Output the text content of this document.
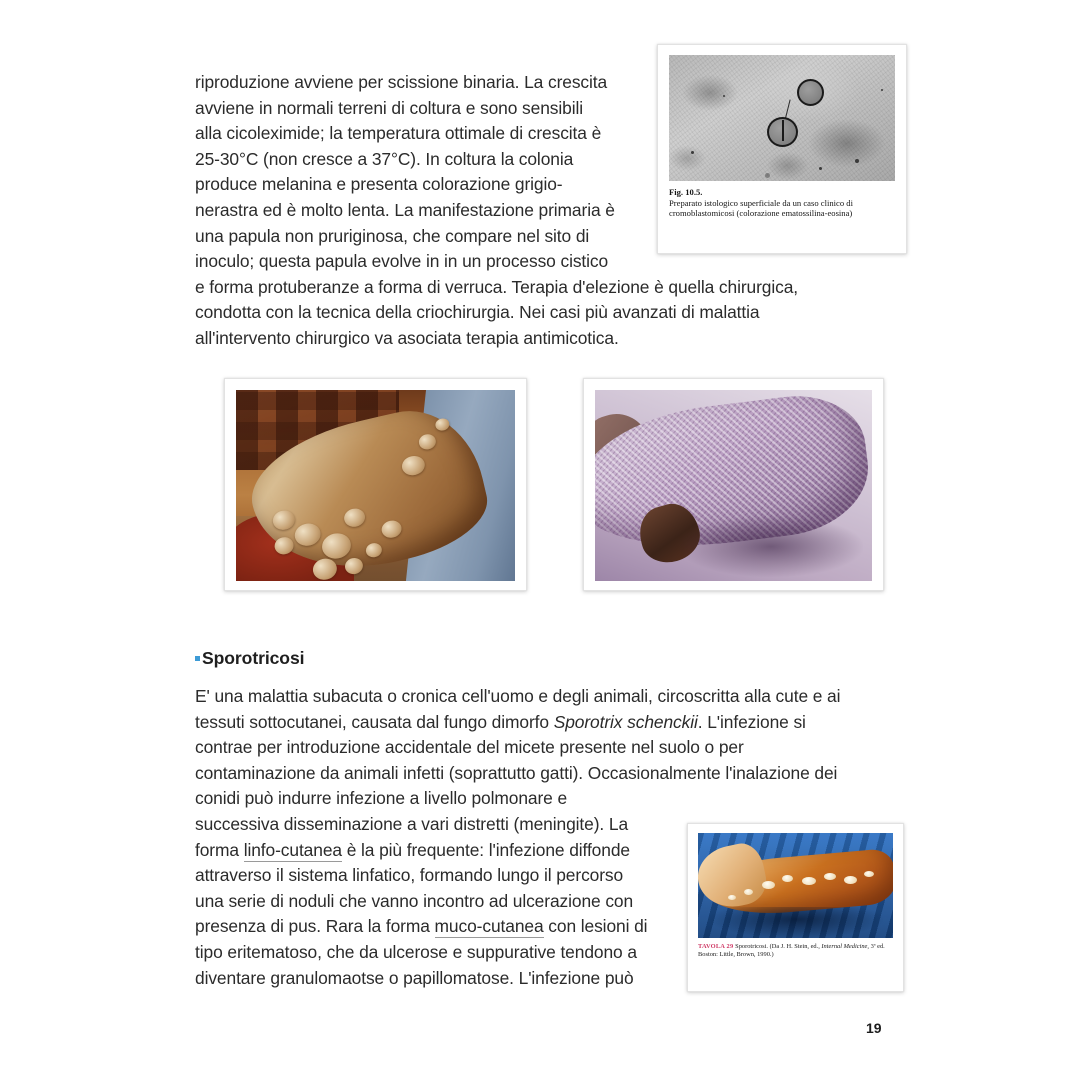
riproduzione avviene per scissione binaria. La crescita

avviene in normali terreni di coltura e sono sensibili

alla cicoleximide; la temperatura ottimale di crescita è

25-30°C (non cresce a 37°C). In coltura la colonia

produce melanina e presenta colorazione grigio-

nerastra ed è molto lenta. La manifestazione primaria è

una papula non pruriginosa, che compare nel sito di

inoculo; questa papula evolve in in un processo cistico

e forma protuberanze a forma di verruca. Terapia d'elezione è quella chirurgica,

condotta con la tecnica della criochirurgia. Nei casi più avanzati di malattia

all'intervento chirurgico va asociata terapia antimicotica.

Fig. 10.5.
Preparato istologico superficiale da un caso clinico di cromoblastomicosi (colorazione ematossilina-eosina)
Sporotricosi

E' una malattia subacuta o cronica cell'uomo e degli animali, circoscritta alla cute e ai

tessuti sottocutanei, causata dal fungo dimorfo Sporotrix schenckii. L'infezione si

contrae per introduzione accidentale del micete presente nel suolo o per

contaminazione da animali infetti (soprattutto gatti). Occasionalmente l'inalazione dei

conidi può indurre infezione a livello polmonare e

successiva disseminazione a vari distretti (meningite). La

forma linfo-cutanea è la più frequente: l'infezione diffonde

attraverso il sistema linfatico, formando lungo il percorso

una serie di noduli che vanno incontro ad ulcerazione con

presenza di pus. Rara la forma muco-cutanea con lesioni di

tipo eritematoso, che da ulcerose e suppurative tendono a

diventare granulomaotse o papillomatose. L'infezione può

TAVOLA 29 Sporotricosi. (Da J. H. Stein, ed., Internal Medicine, 3ª ed. Boston: Little, Brown, 1990.)
19
